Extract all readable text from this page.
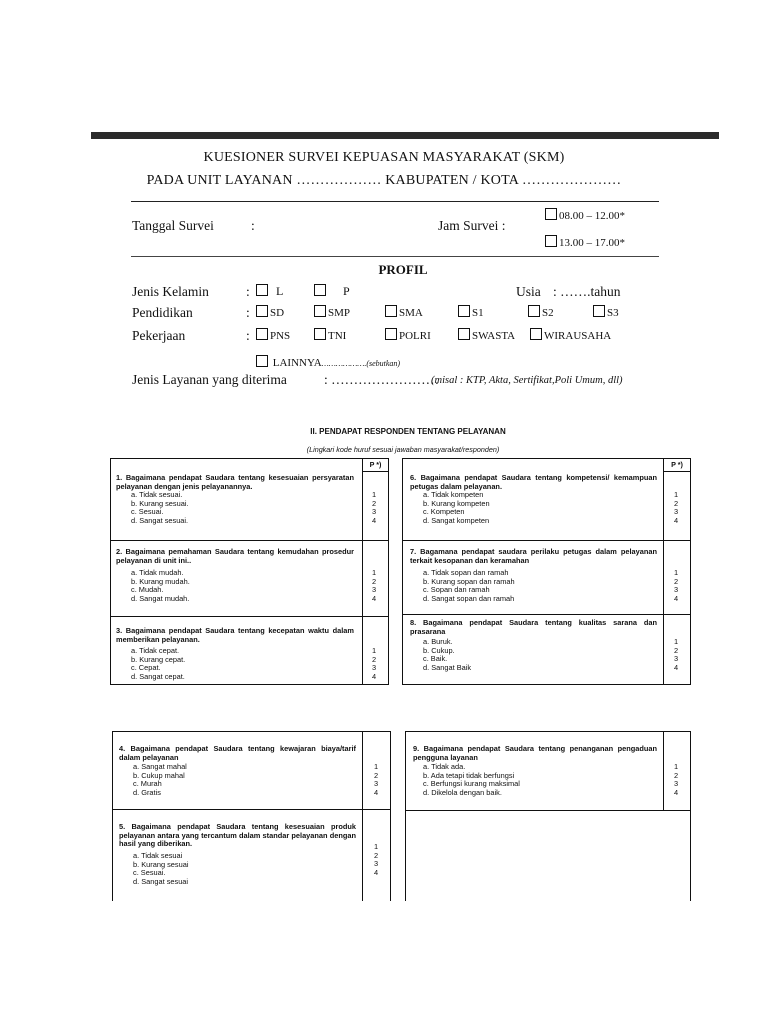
KUESIONER SURVEI KEPUASAN MASYARAKAT (SKM)
PADA UNIT LAYANAN ……………… KABUPATEN / KOTA …………………
Tanggal Survei	:	Jam Survei :
08.00 – 12.00*
13.00 – 17.00*
PROFIL
Jenis Kelamin	:	L	P	Usia : …….tahun
Pendidikan	:	SD	SMP	SMA	S1	S2	S3
Pekerjaan	:	PNS	TNI	POLRI	SWASTA	WIRAUSAHA
LAINNYA……………….(sebutkan)
Jenis Layanan yang diterima	: ……………………
(misal : KTP, Akta, Sertifikat,Poli Umum, dll)
II. PENDAPAT RESPONDEN TENTANG PELAYANAN
(Lingkari kode huruf sesuai jawaban masyarakat/responden)
P *)	P *)
1. Bagaimana pendapat Saudara tentang kesesuaian persyaratan pelayanan dengan jenis pelayanannya.
a. Tidak sesuai.
b. Kurang sesuai.
c. Sesuai.
d. Sangat sesuai.
1
2
3
4
2. Bagaimana pemahaman Saudara tentang kemudahan prosedur pelayanan di unit ini..
a. Tidak mudah.
b. Kurang mudah.
c. Mudah.
d. Sangat mudah.
1
2
3
4
3. Bagaimana pendapat Saudara tentang kecepatan waktu dalam memberikan pelayanan.
a. Tidak cepat.
b. Kurang cepat.
c. Cepat.
d. Sangat cepat.
1
2
3
4
6. Bagaimana pendapat Saudara tentang kompetensi/ kemampuan petugas dalam pelayanan.
a. Tidak kompeten
b. Kurang kompeten
c. Kompeten
d. Sangat kompeten
1
2
3
4
7. Bagamana pendapat saudara perilaku petugas dalam pelayanan terkait kesopanan dan keramahan
a. Tidak sopan dan ramah
b. Kurang sopan dan ramah
c. Sopan dan ramah
d. Sangat sopan dan ramah
1
2
3
4
8. Bagaimana pendapat Saudara tentang kualitas sarana dan prasarana
a. Buruk.
b. Cukup.
c. Baik.
d. Sangat Baik
1
2
3
4
4. Bagaimana pendapat Saudara tentang kewajaran biaya/tarif dalam pelayanan
a. Sangat mahal
b. Cukup mahal
c. Murah
d. Gratis
1
2
3
4
5. Bagaimana pendapat Saudara tentang kesesuaian produk pelayanan antara yang tercantum dalam standar pelayanan dengan hasil yang diberikan.
a. Tidak sesuai
b. Kurang sesuai
c. Sesuai.
d. Sangat sesuai
1
2
3
4
9. Bagaimana pendapat Saudara tentang penanganan pengaduan pengguna layanan
a. Tidak ada.
b. Ada tetapi tidak berfungsi
c. Berfungsi kurang maksimal
d. Dikelola dengan baik.
1
2
3
4
